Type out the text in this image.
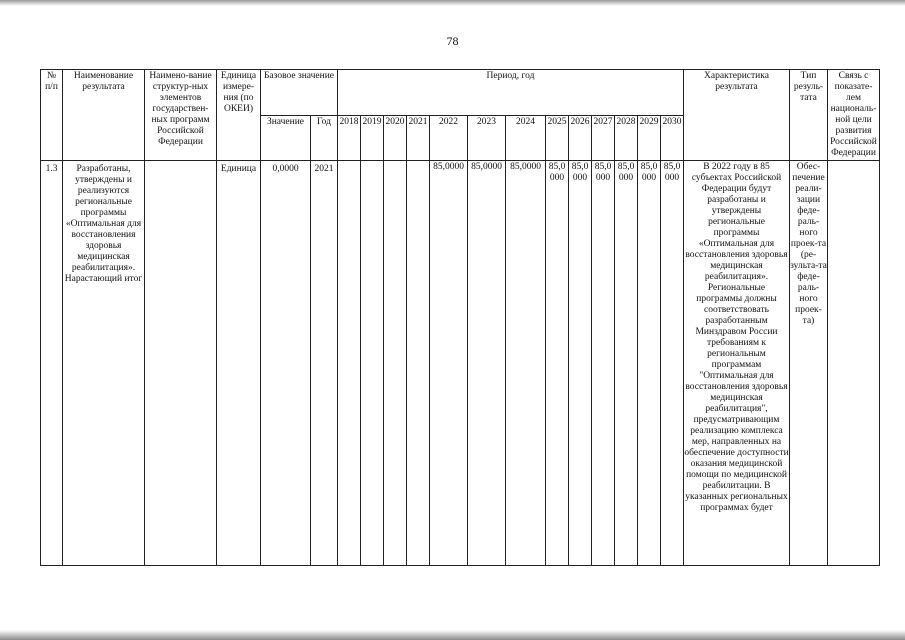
78
№ п/п	Наименование результата	Наимено-вание структур-ных элементов государствен-ных программ Российской Федерации	Единица измере-ния (по ОКЕИ)	Базовое значение		Период, год													Характеристика результата	Тип резуль-тата	Связь с показате-лем националь-ной цели развития Российской Федерации
				Значение	Год	2018	2019	2020	2021	2022	2023	2024	2025	2026	2027	2028	2029	2030			
1.3	Разработаны, утверждены и реализуются региональные программы «Оптимальная для восстановления здоровья медицинская реабилитация». Нарастающий итог		Единица	0,0000	2021					85,0000	85,0000	85,0000	85,0 000	85,0 000	85,0 000	85,0 000	85,0 000	85,0 000	В 2022 году в 85 субъектах Российской Федерации будут разработаны и утверждены региональные программы «Оптимальная для восстановления здоровья медицинская реабилитация». Региональные программы должны соответствовать разработанным Минздравом России требованиям к региональным программам "Оптимальная для восстановления здоровья медицинская реабилитация", предусматривающим реализацию комплекса мер, направленных на обеспечение доступности оказания медицинской помощи по медицинской реабилитации. В указанных региональных программах будет	Обес-печение реали-зации феде-раль-ного проек-та (ре-зульта-та феде-раль-ного проек-та)	
